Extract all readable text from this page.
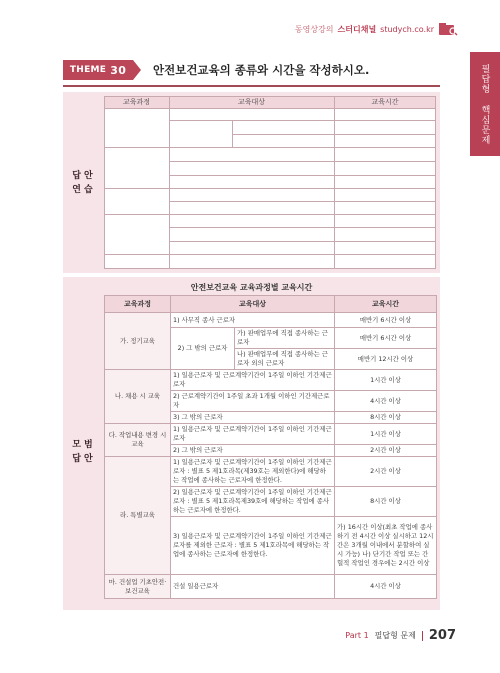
동영상강의 스터디채널 studych.co.kr
필답형 핵심문제
THEME 30 안전보건교육의 종류와 시간을 작성하시오.
답 안
연 습
교육과정	교육대상	교육시간
안전보건교육 교육과정별 교육시간
모 범
답 안
교육과정	교육대상		교육시간
가. 정기교육	1) 사무직 종사 근로자		매반기 6시간 이상
	2) 그 밖의 근로자	가) 판매업무에 직접 종사하는 근로자	매반기 6시간 이상
		나) 판매업무에 직접 종사하는 근로자 외의 근로자	매반기 12시간 이상
나. 채용 시 교육	1) 일용근로자 및 근로계약기간이 1주일 이하인 기간제근로자		1시간 이상
	2) 근로계약기간이 1주일 초과 1개월 이하인 기간제근로자		4시간 이상
	3) 그 밖의 근로자		8시간 이상
다. 작업내용 변경 시 교육	1) 일용근로자 및 근로계약기간이 1주일 이하인 기간제근로자		1시간 이상
	2) 그 밖의 근로자		2시간 이상
라. 특별교육	1) 일용근로자 및 근로계약기간이 1주일 이하인 기간제근로자 : 별표 5 제1호라목(제39호는 제외한다)에 해당하는 작업에 종사하는 근로자에 한정한다.		2시간 이상
	2) 일용근로자 및 근로계약기간이 1주일 이하인 기간제근로자 : 별표 5 제1호라목제39호에 해당하는 작업에 종사하는 근로자에 한정한다.		8시간 이상
	3) 일용근로자 및 근로계약기간이 1주일 이하인 기간제근로자를 제외한 근로자 : 별표 5 제1호라목에 해당하는 작업에 종사하는 근로자에 한정한다.		가) 16시간 이상(최초 작업에 종사하기 전 4시간 이상 실시하고 12시간은 3개월 이내에서 분할하여 실시 가능) 나) 단기간 작업 또는 간헐적 작업인 경우에는 2시간 이상
마. 건설업 기초안전·보건교육	건설 일용근로자		4시간 이상
Part 1 필답형 문제 207
